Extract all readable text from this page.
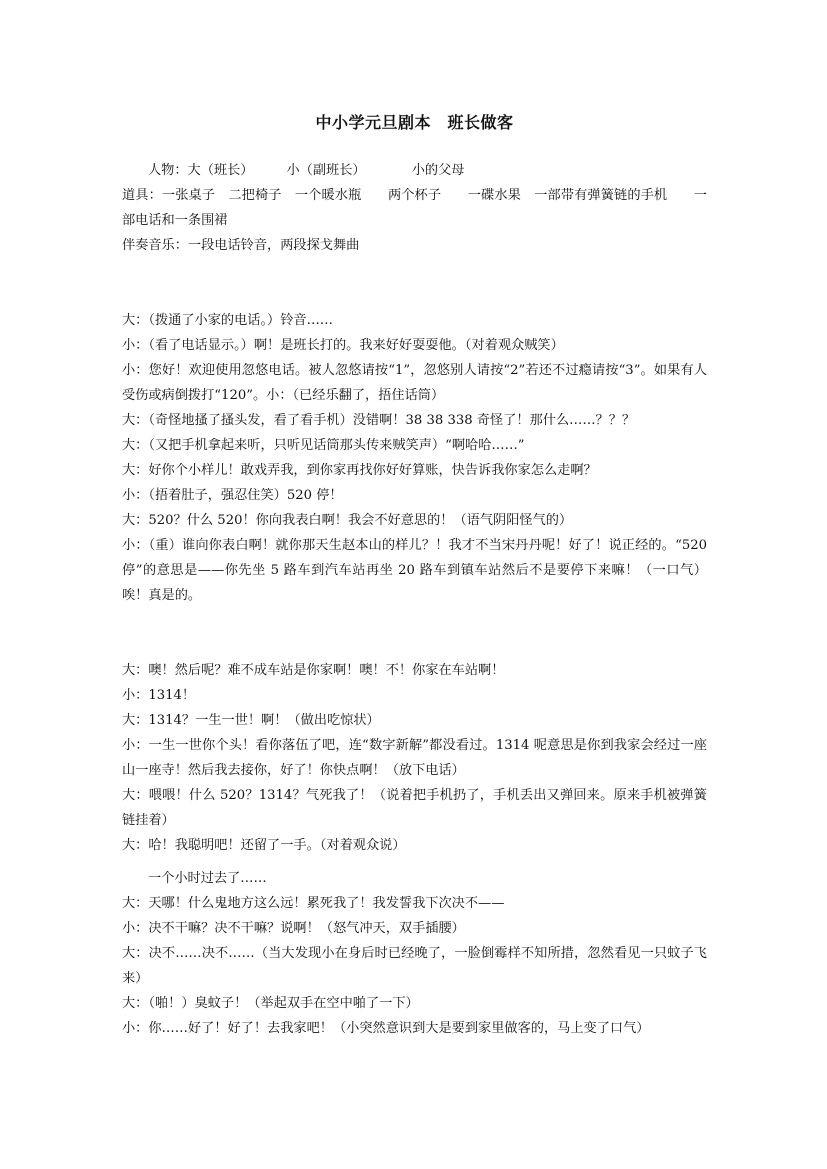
中小学元旦剧本　班长做客
人物：大（班长）　　　小（副班长）　　　　小的父母
道具：一张桌子　二把椅子　一个暖水瓶　　两个杯子　　一碟水果　一部带有弹簧链的手机　　一部电话和一条围裙
伴奏音乐：一段电话铃音，两段探戈舞曲
大：（拨通了小家的电话。）铃音……
小：（看了电话显示。）啊！是班长打的。我来好好耍耍他。（对着观众贼笑）
小：您好！欢迎使用忽悠电话。被人忽悠请按“1”，忽悠别人请按“2”若还不过瘾请按“3”。如果有人受伤或病倒拨打“120”。小：（已经乐翻了，捂住话筒）
大：（奇怪地搔了搔头发，看了看手机）没错啊！38 38 338 奇怪了！那什么……？？？
大：（又把手机拿起来听，只听见话筒那头传来贼笑声）“啊哈哈……”
大：好你个小样儿！敢戏弄我，到你家再找你好好算账，快告诉我你家怎么走啊？
小：（捂着肚子，强忍住笑）520 停！
大：520？什么 520！你向我表白啊！我会不好意思的！（语气阴阳怪气的）
小：（重）谁向你表白啊！就你那天生赵本山的样儿？！我才不当宋丹丹呢！好了！说正经的。“520 停”的意思是——你先坐 5 路车到汽车站再坐 20 路车到镇车站然后不是要停下来嘛！（一口气）唉！真是的。
大：噢！然后呢？难不成车站是你家啊！噢！不！你家在车站啊！
小：1314！
大：1314？一生一世！啊！（做出吃惊状）
小：一生一世你个头！看你落伍了吧，连“数字新解”都没看过。1314 呢意思是你到我家会经过一座山一座寺！然后我去接你，好了！你快点啊！（放下电话）
大：喂喂！什么 520？1314？气死我了！（说着把手机扔了，手机丢出又弹回来。原来手机被弹簧链挂着）
大：哈！我聪明吧！还留了一手。（对着观众说）
一个小时过去了……
大：天哪！什么鬼地方这么远！累死我了！我发誓我下次决不——
小：决不干嘛？决不干嘛？说啊！（怒气冲天，双手插腰）
大：决不……决不……（当大发现小在身后时已经晚了，一脸倒霉样不知所措，忽然看见一只蚊子飞来）
大：（啪！）臭蚊子！（举起双手在空中啪了一下）
小：你……好了！好了！去我家吧！（小突然意识到大是要到家里做客的，马上变了口气）
